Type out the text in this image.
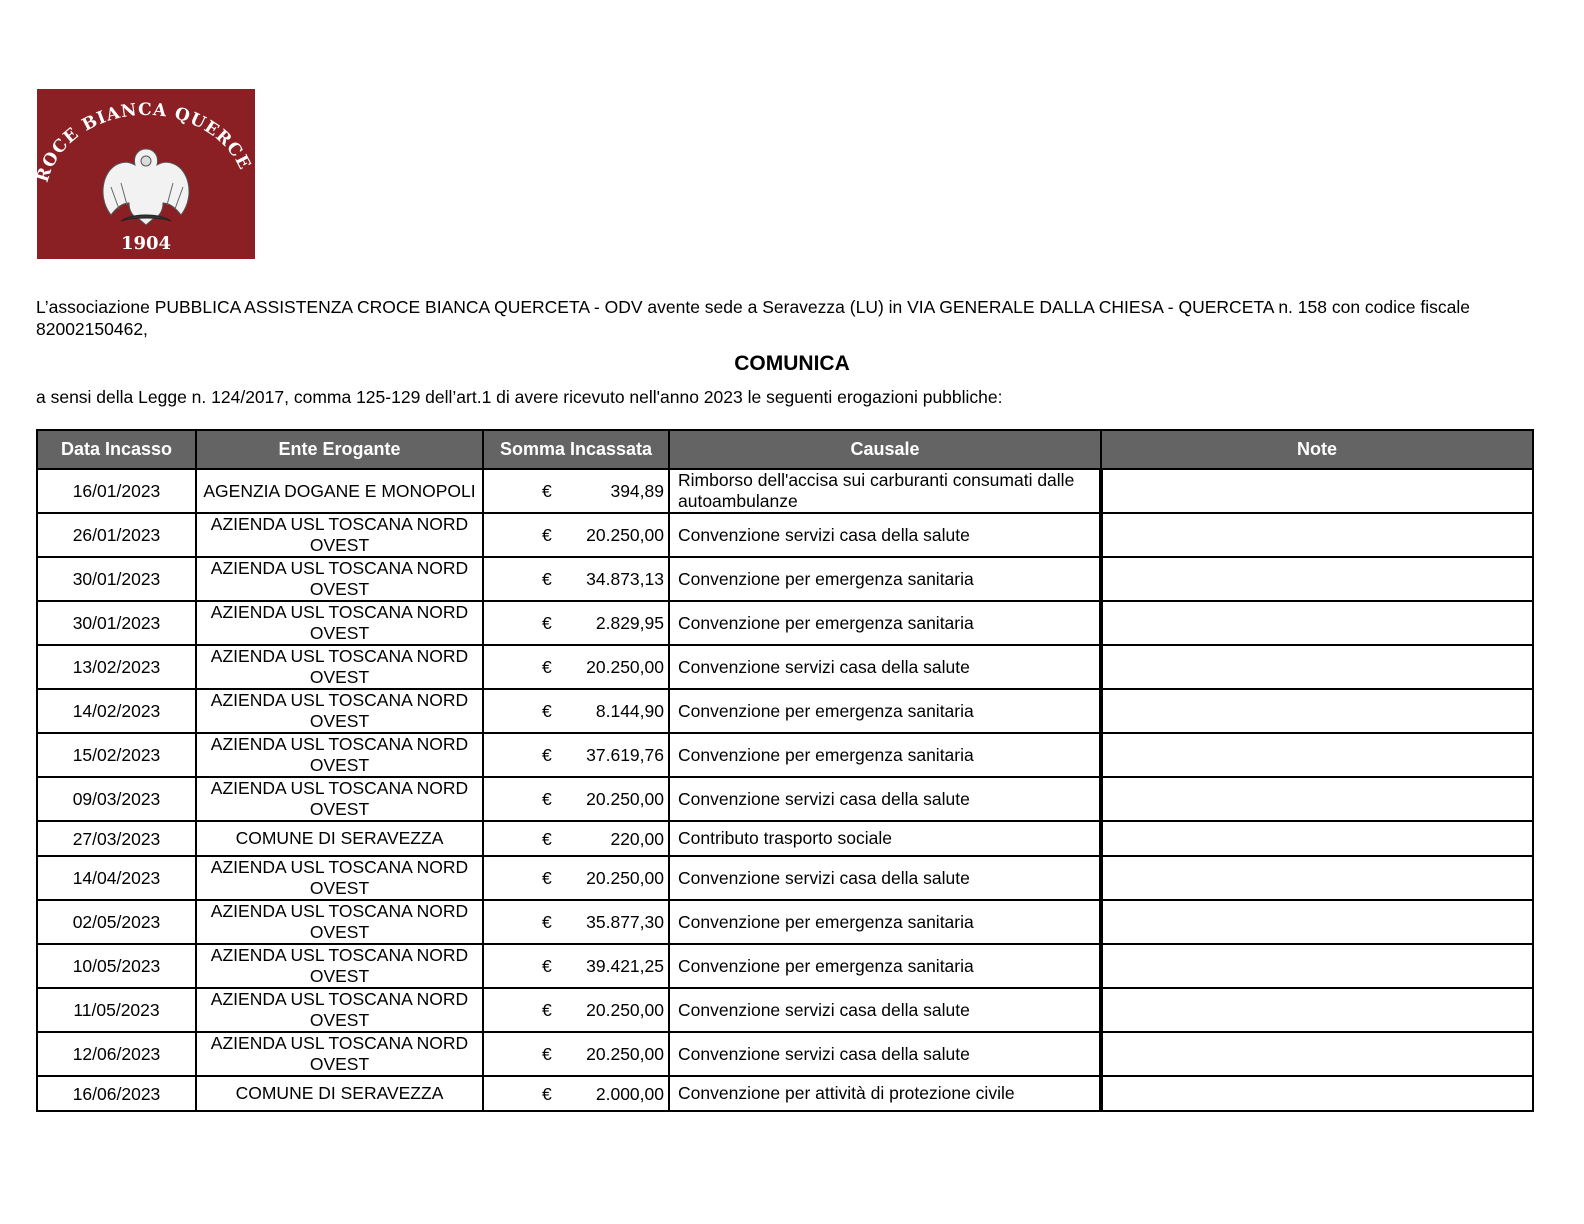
OCE BIANCA QUERCE
1904

L’associazione PUBBLICA ASSISTENZA CROCE BIANCA QUERCETA - ODV avente sede a Seravezza (LU) in VIA GENERALE DALLA CHIESA - QUERCETA n. 158 con codice fiscale 82002150462,

COMUNICA

a sensi della Legge n. 124/2017, comma 125-129 dell’art.1 di avere ricevuto nell'anno 2023 le seguenti erogazioni pubbliche:

Data Incasso	Ente Erogante	Somma Incassata	Causale	Note
16/01/2023	AGENZIA DOGANE E MONOPOLI	€ 394,89	Rimborso dell'accisa sui carburanti consumati dalle autoambulanze	
26/01/2023	AZIENDA USL TOSCANA NORD OVEST	€ 20.250,00	Convenzione servizi casa della salute	
30/01/2023	AZIENDA USL TOSCANA NORD OVEST	€ 34.873,13	Convenzione per emergenza sanitaria	
30/01/2023	AZIENDA USL TOSCANA NORD OVEST	€ 2.829,95	Convenzione per emergenza sanitaria	
13/02/2023	AZIENDA USL TOSCANA NORD OVEST	€ 20.250,00	Convenzione servizi casa della salute	
14/02/2023	AZIENDA USL TOSCANA NORD OVEST	€ 8.144,90	Convenzione per emergenza sanitaria	
15/02/2023	AZIENDA USL TOSCANA NORD OVEST	€ 37.619,76	Convenzione per emergenza sanitaria	
09/03/2023	AZIENDA USL TOSCANA NORD OVEST	€ 20.250,00	Convenzione servizi casa della salute	
27/03/2023	COMUNE DI SERAVEZZA	€ 220,00	Contributo trasporto sociale	
14/04/2023	AZIENDA USL TOSCANA NORD OVEST	€ 20.250,00	Convenzione servizi casa della salute	
02/05/2023	AZIENDA USL TOSCANA NORD OVEST	€ 35.877,30	Convenzione per emergenza sanitaria	
10/05/2023	AZIENDA USL TOSCANA NORD OVEST	€ 39.421,25	Convenzione per emergenza sanitaria	
11/05/2023	AZIENDA USL TOSCANA NORD OVEST	€ 20.250,00	Convenzione servizi casa della salute	
12/06/2023	AZIENDA USL TOSCANA NORD OVEST	€ 20.250,00	Convenzione servizi casa della salute	
16/06/2023	COMUNE DI SERAVEZZA	€ 2.000,00	Convenzione per attività di protezione civile	
